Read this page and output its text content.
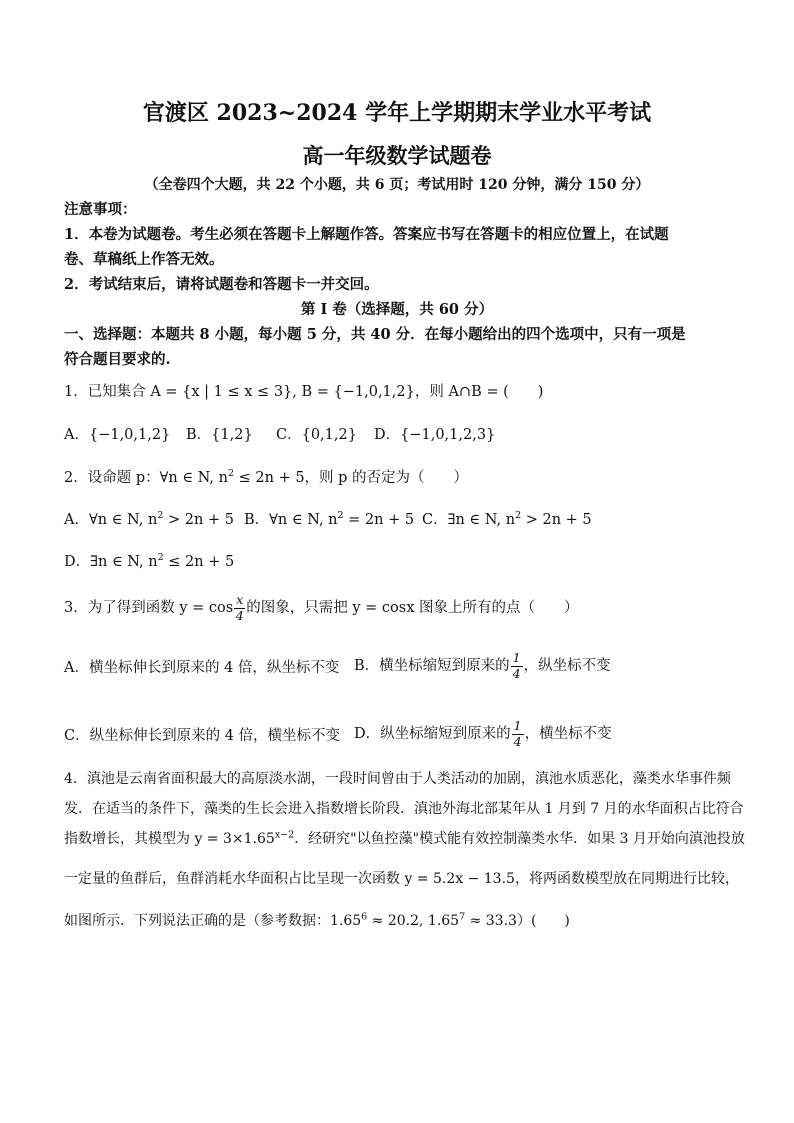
官渡区 2023~2024 学年上学期期末学业水平考试
高一年级数学试题卷
（全卷四个大题，共 22 个小题，共 6 页；考试用时 120 分钟，满分 150 分）
注意事项：
1．本卷为试题卷。考生必须在答题卡上解题作答。答案应书写在答题卡的相应位置上，在试题
卷、草稿纸上作答无效。
2．考试结束后，请将试题卷和答题卡一并交回。
第 I 卷（选择题，共 60 分）
一、选择题：本题共 8 小题，每小题 5 分，共 40 分．在每小题给出的四个选项中，只有一项是
符合题目要求的.
1．已知集合 A = {x | 1 ≤ x ≤ 3}, B = {−1,0,1,2}，则 A∩B = (　　)
A．{−1,0,1,2} B．{1,2} C．{0,1,2} D．{−1,0,1,2,3}
2．设命题 p：∀n ∈ N, $n^2 \le 2n + 5$，则 p 的否定为（　　）
A．∀n ∈ N, $n^2 > 2n + 5$ B．∀n ∈ N, $n^2 = 2n + 5$ C．∃n ∈ N, $n^2 > 2n + 5$
D．∃n ∈ N, $n^2 \le 2n + 5$
3．为了得到函数 $y = \cos \frac{x}{4}$ 的图象，只需把 y = cosx 图象上所有的点（　　）
A．横坐标伸长到原来的 4 倍，纵坐标不变 B．横坐标缩短到原来的 $\frac{1}{4}$ ，纵坐标不变
C．纵坐标伸长到原来的 4 倍，横坐标不变 D．纵坐标缩短到原来的 $\frac{1}{4}$ ，横坐标不变
4．滇池是云南省面积最大的高原淡水湖，一段时间曾由于人类活动的加剧，滇池水质恶化，藻类水华事件频
发．在适当的条件下，藻类的生长会进入指数增长阶段．滇池外海北部某年从 1 月到 7 月的水华面积占比符合
指数增长，其模型为 $y = 3\times 1.65^{x-2}$．经研究"以鱼控藻"模式能有效控制藻类水华．如果 3 月开始向滇池投放
一定量的鱼群后，鱼群消耗水华面积占比呈现一次函数 y = 5.2x − 13.5，将两函数模型放在同期进行比较，
如图所示．下列说法正确的是（参考数据：$1.65^6 \approx 20.2$, $1.65^7 \approx 33.3$）(　　)
